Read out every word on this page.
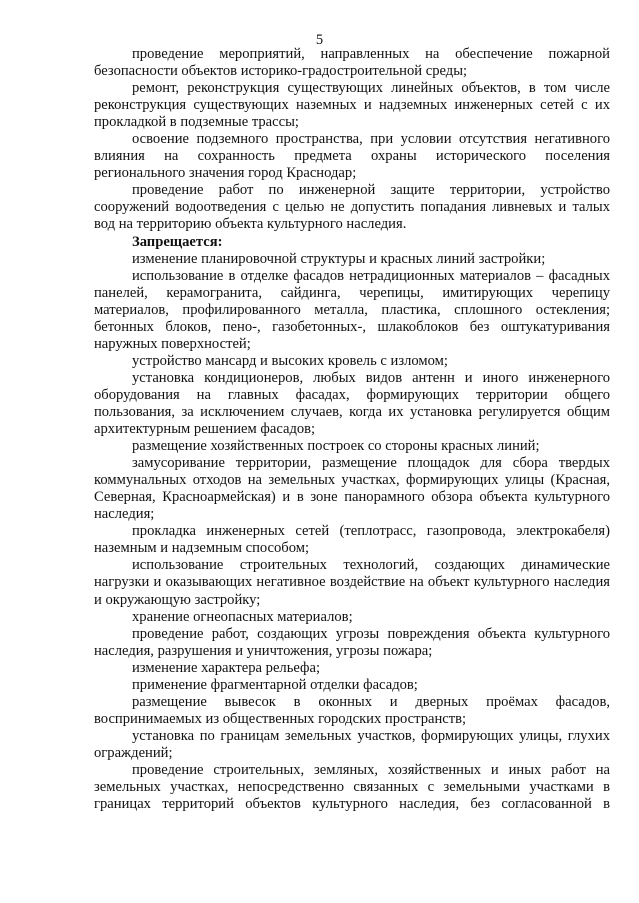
5

проведение мероприятий, направленных на обеспечение пожарной безопасности объектов историко-градостроительной среды;

ремонт, реконструкция существующих линейных объектов, в том числе реконструкция существующих наземных и надземных инженерных сетей с их прокладкой в подземные трассы;

освоение подземного пространства, при условии отсутствия негативного влияния на сохранность предмета охраны исторического поселения регионального значения город Краснодар;

проведение работ по инженерной защите территории, устройство сооружений водоотведения с целью не допустить попадания ливневых и талых вод на территорию объекта культурного наследия.

Запрещается:

изменение планировочной структуры и красных линий застройки;

использование в отделке фасадов нетрадиционных материалов – фасадных панелей, керамогранита, сайдинга, черепицы, имитирующих черепицу материалов, профилированного металла, пластика, сплошного остекления; бетонных блоков, пено-, газобетонных-, шлакоблоков без оштукатуривания наружных поверхностей;

устройство мансард и высоких кровель с изломом;

установка кондиционеров, любых видов антенн и иного инженерного оборудования на главных фасадах, формирующих территории общего пользования, за исключением случаев, когда их установка регулируется общим архитектурным решением фасадов;

размещение хозяйственных построек со стороны красных линий;

замусоривание территории, размещение площадок для сбора твердых коммунальных отходов на земельных участках, формирующих улицы (Красная, Северная, Красноармейская) и в зоне панорамного обзора объекта культурного наследия;

прокладка инженерных сетей (теплотрасс, газопровода, электрокабеля) наземным и надземным способом;

использование строительных технологий, создающих динамические нагрузки и оказывающих негативное воздействие на объект культурного наследия и окружающую застройку;

хранение огнеопасных материалов;

проведение работ, создающих угрозы повреждения объекта культурного наследия, разрушения и уничтожения, угрозы пожара;

изменение характера рельефа;

применение фрагментарной отделки фасадов;

размещение вывесок в оконных и дверных проёмах фасадов, воспринимаемых из общественных городских пространств;

установка по границам земельных участков, формирующих улицы, глухих ограждений;

проведение строительных, земляных, хозяйственных и иных работ на земельных участках, непосредственно связанных с земельными участками в границах территорий объектов культурного наследия, без согласованной в
